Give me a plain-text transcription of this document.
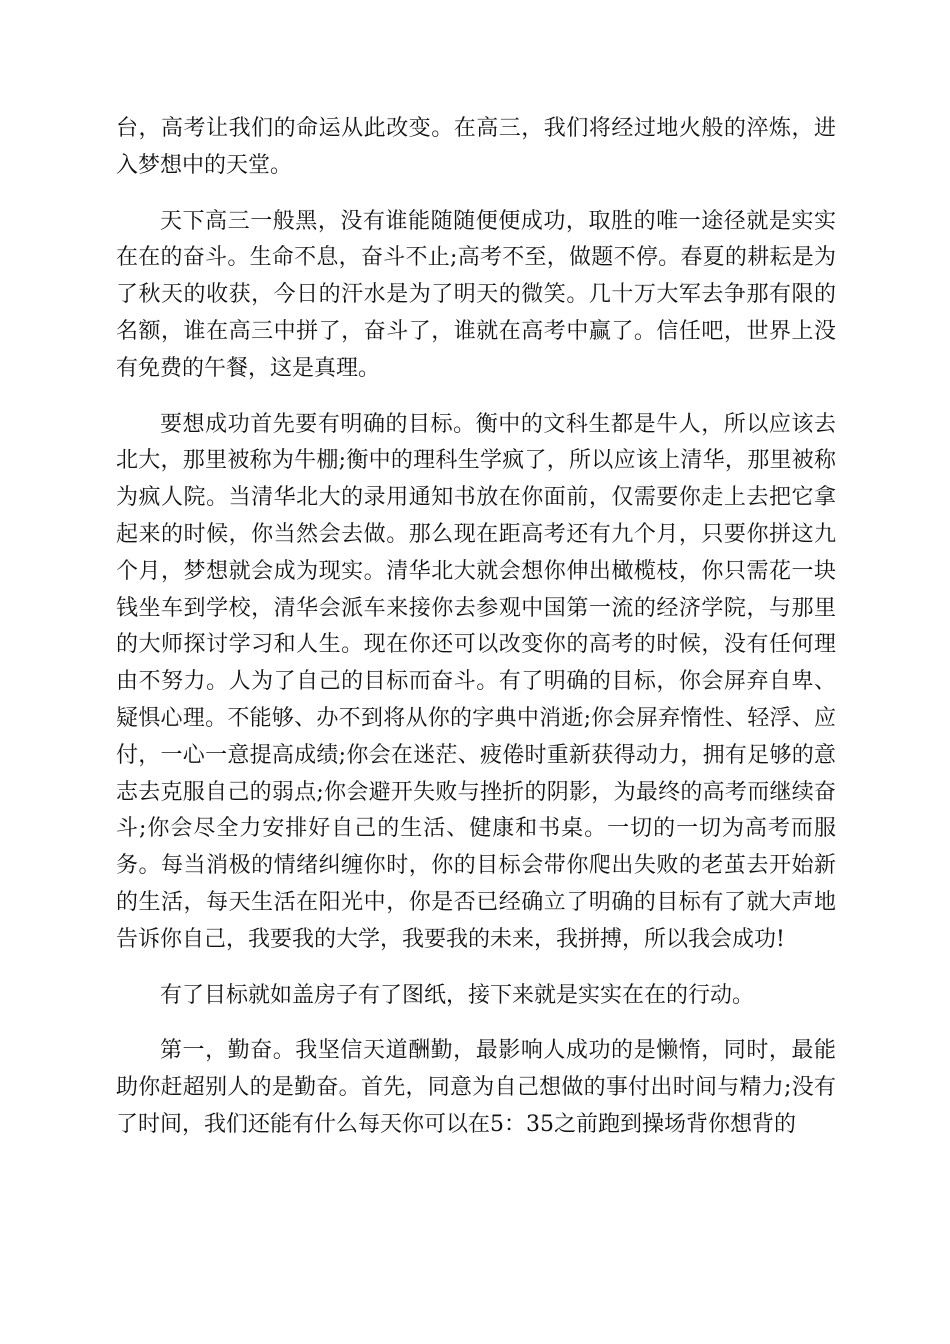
台，高考让我们的命运从此改变。在高三，我们将经过地火般的淬炼，进入梦想中的天堂。

天下高三一般黑，没有谁能随随便便成功，取胜的唯一途径就是实实在在的奋斗。生命不息，奋斗不止;高考不至，做题不停。春夏的耕耘是为了秋天的收获，今日的汗水是为了明天的微笑。几十万大军去争那有限的名额，谁在高三中拼了，奋斗了，谁就在高考中赢了。信任吧，世界上没有免费的午餐，这是真理。

要想成功首先要有明确的目标。衡中的文科生都是牛人，所以应该去北大，那里被称为牛棚;衡中的理科生学疯了，所以应该上清华，那里被称为疯人院。当清华北大的录用通知书放在你面前，仅需要你走上去把它拿起来的时候，你当然会去做。那么现在距高考还有九个月，只要你拼这九个月，梦想就会成为现实。清华北大就会想你伸出橄榄枝，你只需花一块钱坐车到学校，清华会派车来接你去参观中国第一流的经济学院，与那里的大师探讨学习和人生。现在你还可以改变你的高考的时候，没有任何理由不努力。人为了自己的目标而奋斗。有了明确的目标，你会屏弃自卑、疑惧心理。不能够、办不到将从你的字典中消逝;你会屏弃惰性、轻浮、应付，一心一意提高成绩;你会在迷茫、疲倦时重新获得动力，拥有足够的意志去克服自己的弱点;你会避开失败与挫折的阴影，为最终的高考而继续奋斗;你会尽全力安排好自己的生活、健康和书桌。一切的一切为高考而服务。每当消极的情绪纠缠你时，你的目标会带你爬出失败的老茧去开始新的生活，每天生活在阳光中，你是否已经确立了明确的目标有了就大声地告诉你自己，我要我的大学，我要我的未来，我拼搏，所以我会成功!

有了目标就如盖房子有了图纸，接下来就是实实在在的行动。

第一，勤奋。我坚信天道酬勤，最影响人成功的是懒惰，同时，最能助你赶超别人的是勤奋。首先，同意为自己想做的事付出时间与精力;没有了时间，我们还能有什么每天你可以在5：35之前跑到操场背你想背的
